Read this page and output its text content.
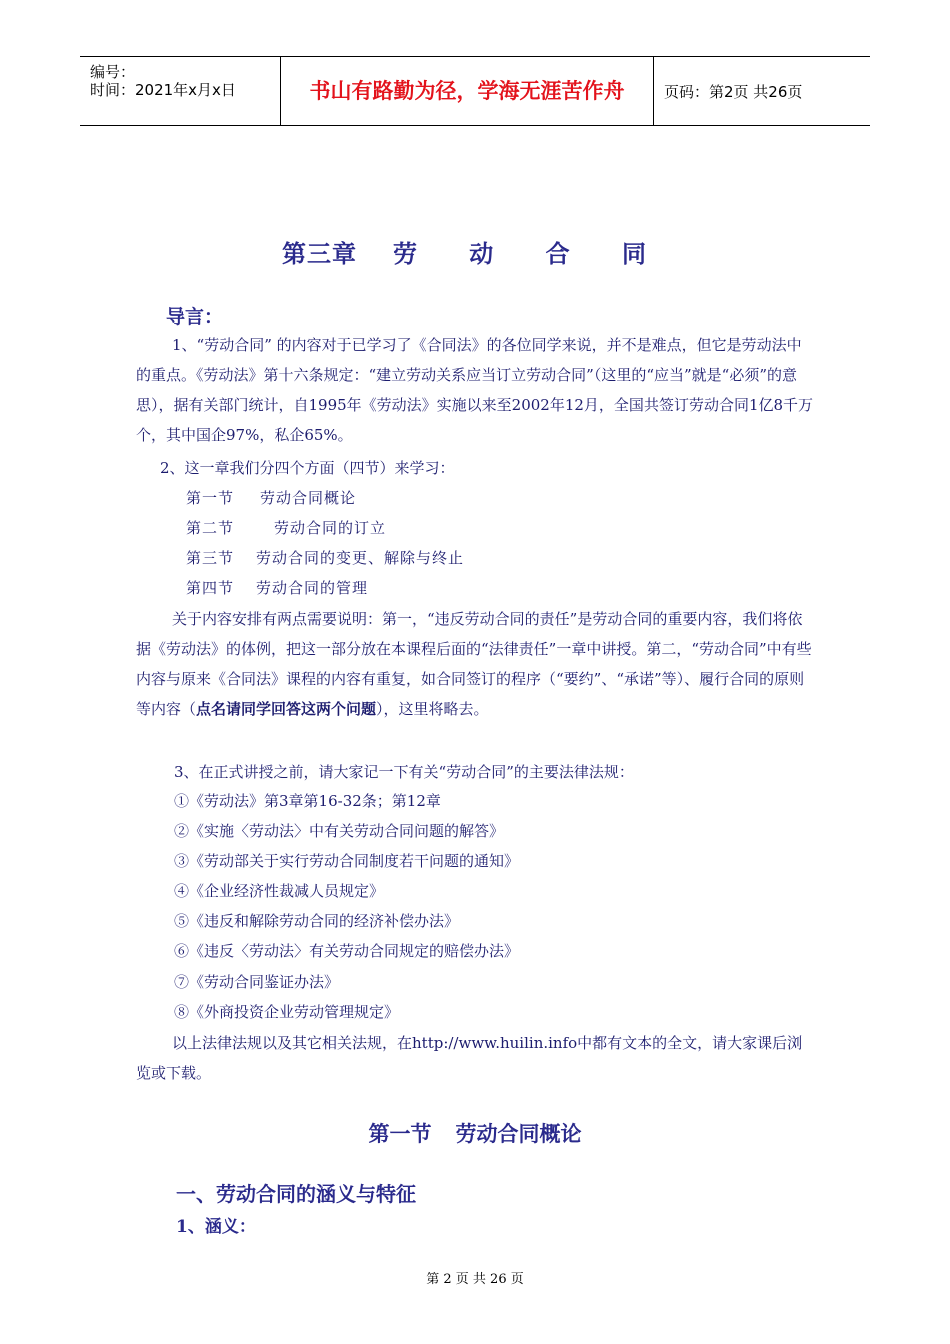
编号：
时间：2021年x月x日	书山有路勤为径，学海无涯苦作舟	页码：第2页 共26页
第三章 劳 动 合 同
导言：
1、“劳动合同” 的内容对于已学习了《合同法》的各位同学来说，并不是难点，但它是劳动法中的重点。《劳动法》第十六条规定：“建立劳动关系应当订立劳动合同”（这里的“应当”就是“必须”的意思），据有关部门统计，自1995年《劳动法》实施以来至2002年12月，全国共签订劳动合同1亿8千万个，其中国企97%，私企65%。
2、这一章我们分四个方面（四节）来学习：
第一节 劳动合同概论
第二节	劳动合同的订立
第三节 劳动合同的变更、解除与终止
第四节 劳动合同的管理
关于内容安排有两点需要说明：第一，“违反劳动合同的责任”是劳动合同的重要内容，我们将依据《劳动法》的体例，把这一部分放在本课程后面的“法律责任”一章中讲授。第二，“劳动合同”中有些内容与原来《合同法》课程的内容有重复，如合同签订的程序（“要约”、“承诺”等）、履行合同的原则等内容（点名请同学回答这两个问题），这里将略去。
3、在正式讲授之前，请大家记一下有关“劳动合同”的主要法律法规：
①《劳动法》第3章第16-32条；第12章
②《实施〈劳动法〉中有关劳动合同问题的解答》
③《劳动部关于实行劳动合同制度若干问题的通知》
④《企业经济性裁减人员规定》
⑤《违反和解除劳动合同的经济补偿办法》
⑥《违反〈劳动法〉有关劳动合同规定的赔偿办法》
⑦《劳动合同鉴证办法》
⑧《外商投资企业劳动管理规定》
以上法律法规以及其它相关法规，在http://www.huilin.info中都有文本的全文，请大家课后浏览或下载。
第一节 劳动合同概论
一、劳动合同的涵义与特征
1、涵义：
第 2 页 共 26 页
